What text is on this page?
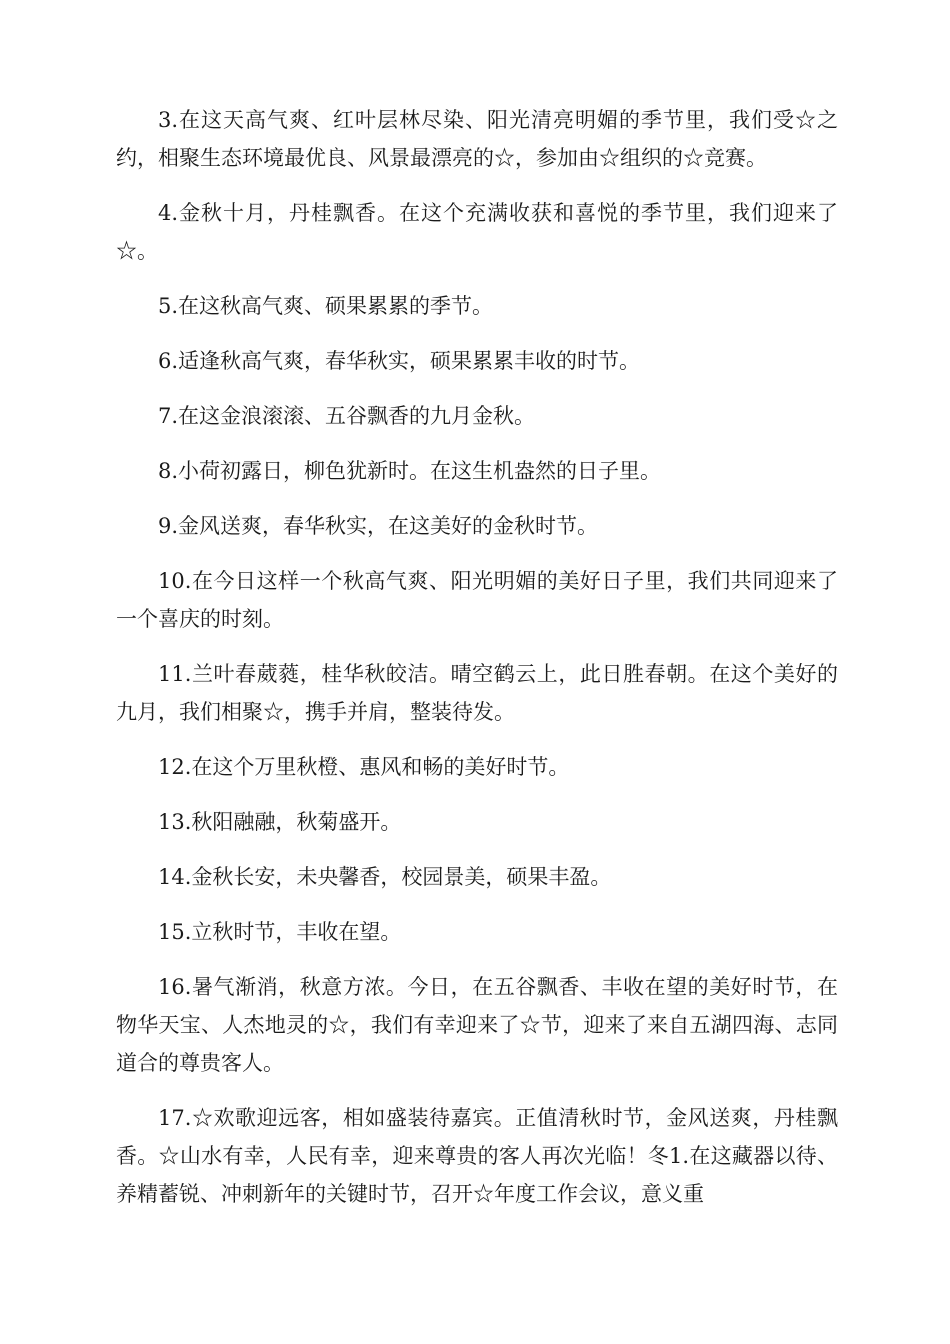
3.在这天高气爽、红叶层林尽染、阳光清亮明媚的季节里，我们受☆之约，相聚生态环境最优良、风景最漂亮的☆，参加由☆组织的☆竞赛。

4.金秋十月，丹桂飘香。在这个充满收获和喜悦的季节里，我们迎来了☆。

5.在这秋高气爽、硕果累累的季节。

6.适逢秋高气爽，春华秋实，硕果累累丰收的时节。

7.在这金浪滚滚、五谷飘香的九月金秋。

8.小荷初露日，柳色犹新时。在这生机盎然的日子里。

9.金风送爽，春华秋实，在这美好的金秋时节。

10.在今日这样一个秋高气爽、阳光明媚的美好日子里，我们共同迎来了一个喜庆的时刻。

11.兰叶春葳蕤，桂华秋皎洁。晴空鹤云上，此日胜春朝。在这个美好的九月，我们相聚☆，携手并肩，整装待发。

12.在这个万里秋橙、惠风和畅的美好时节。

13.秋阳融融，秋菊盛开。

14.金秋长安，未央馨香，校园景美，硕果丰盈。

15.立秋时节，丰收在望。

16.暑气渐消，秋意方浓。今日，在五谷飘香、丰收在望的美好时节，在物华天宝、人杰地灵的☆，我们有幸迎来了☆节，迎来了来自五湖四海、志同道合的尊贵客人。

17.☆欢歌迎远客，相如盛装待嘉宾。正值清秋时节，金风送爽，丹桂飘香。☆山水有幸，人民有幸，迎来尊贵的客人再次光临！冬1.在这藏器以待、养精蓄锐、冲刺新年的关键时节，召开☆年度工作会议，意义重
